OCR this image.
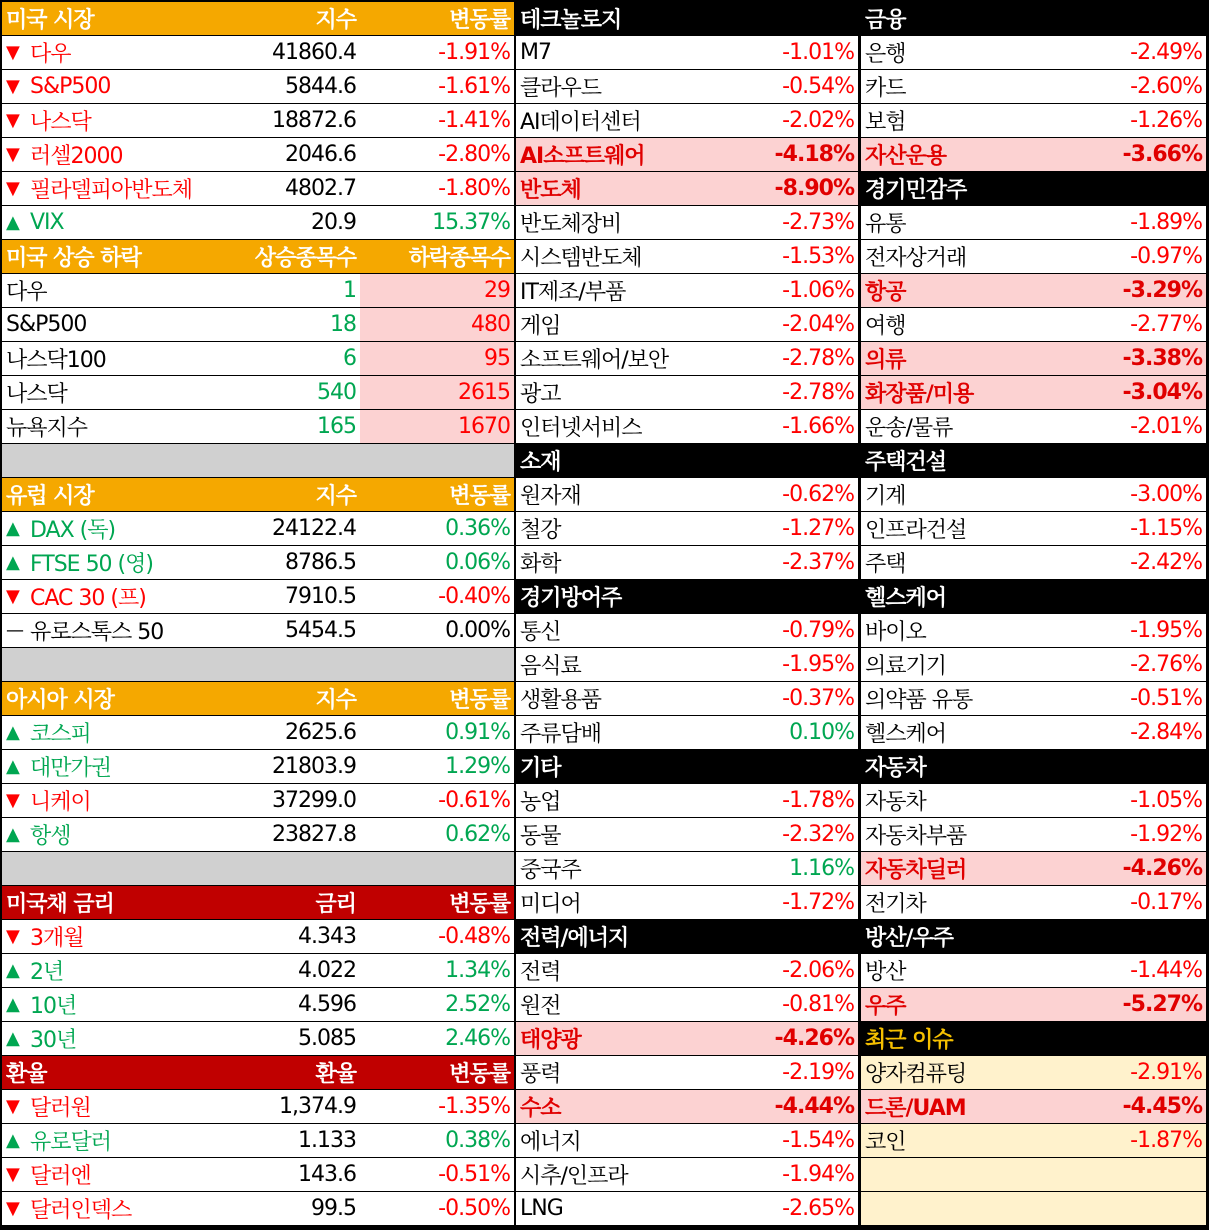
미국 시장	지수	변동률
▼ 다우	41860.4	-1.91%
▼ S&P500	5844.6	-1.61%
▼ 나스닥	18872.6	-1.41%
▼ 러셀2000	2046.6	-2.80%
▼ 필라델피아반도체	4802.7	-1.80%
▲ VIX	20.9	15.37%
미국 상승 하락	상승종목수	하락종목수
다우	1	29
S&P500	18	480
나스닥100	6	95
나스닥	540	2615
뉴욕지수	165	1670
유럽 시장	지수	변동률
▲ DAX (독)	24122.4	0.36%
▲ FTSE 50 (영)	8786.5	0.06%
▼ CAC 30 (프)	7910.5	-0.40%
— 유로스톡스 50	5454.5	0.00%
아시아 시장	지수	변동률
▲ 코스피	2625.6	0.91%
▲ 대만가권	21803.9	1.29%
▼ 니케이	37299.0	-0.61%
▲ 항셍	23827.8	0.62%
미국채 금리	금리	변동률
▼ 3개월	4.343	-0.48%
▲ 2년	4.022	1.34%
▲ 10년	4.596	2.52%
▲ 30년	5.085	2.46%
환율	환율	변동률
▼ 달러원	1,374.9	-1.35%
▲ 유로달러	1.133	0.38%
▼ 달러엔	143.6	-0.51%
▼ 달러인덱스	99.5	-0.50%
테크놀로지
M7	-1.01%
클라우드	-0.54%
AI데이터센터	-2.02%
AI소프트웨어	-4.18%
반도체	-8.90%
반도체장비	-2.73%
시스템반도체	-1.53%
IT제조/부품	-1.06%
게임	-2.04%
소프트웨어/보안	-2.78%
광고	-2.78%
인터넷서비스	-1.66%
소재
원자재	-0.62%
철강	-1.27%
화학	-2.37%
경기방어주
통신	-0.79%
음식료	-1.95%
생활용품	-0.37%
주류담배	0.10%
기타
농업	-1.78%
동물	-2.32%
중국주	1.16%
미디어	-1.72%
전력/에너지
전력	-2.06%
원전	-0.81%
태양광	-4.26%
풍력	-2.19%
수소	-4.44%
에너지	-1.54%
시추/인프라	-1.94%
LNG	-2.65%
금융
은행	-2.49%
카드	-2.60%
보험	-1.26%
자산운용	-3.66%
경기민감주
유통	-1.89%
전자상거래	-0.97%
항공	-3.29%
여행	-2.77%
의류	-3.38%
화장품/미용	-3.04%
운송/물류	-2.01%
주택건설
기계	-3.00%
인프라건설	-1.15%
주택	-2.42%
헬스케어
바이오	-1.95%
의료기기	-2.76%
의약품 유통	-0.51%
헬스케어	-2.84%
자동차
자동차	-1.05%
자동차부품	-1.92%
자동차딜러	-4.26%
전기차	-0.17%
방산/우주
방산	-1.44%
우주	-5.27%
최근 이슈
양자컴퓨팅	-2.91%
드론/UAM	-4.45%
코인	-1.87%
